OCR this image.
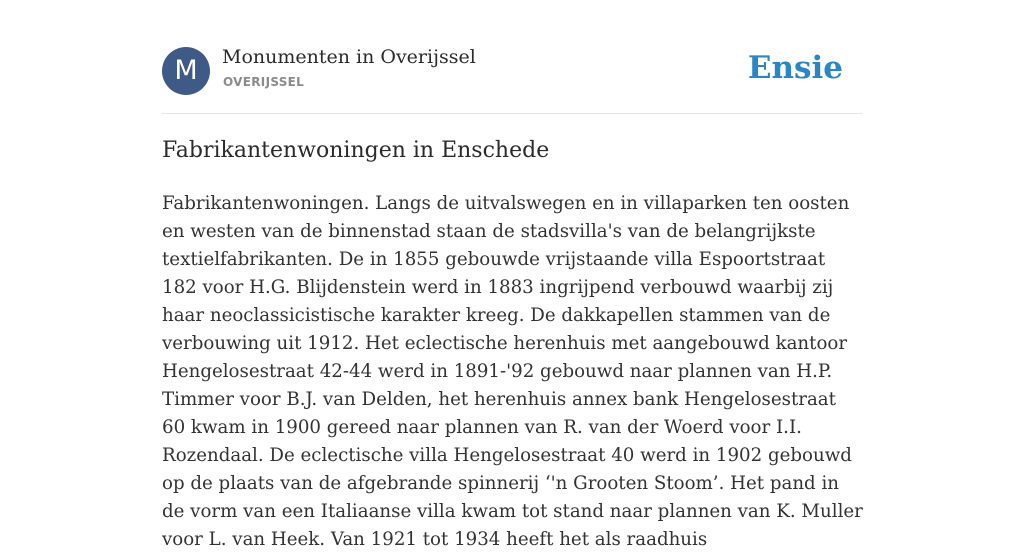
M	Monumenten in Overijssel
OVERIJSSEL	Ensie
Fabrikantenwoningen in Enschede

Fabrikantenwoningen. Langs de uitvalswegen en in villaparken ten oosten en westen van de binnenstad staan de stadsvilla's van de belangrijkste textielfabrikanten. De in 1855 gebouwde vrijstaande villa Espoortstraat 182 voor H.G. Blijdenstein werd in 1883 ingrijpend verbouwd waarbij zij haar neoclassicistische karakter kreeg. De dakkapellen stammen van de verbouwing uit 1912. Het eclectische herenhuis met aangebouwd kantoor Hengelosestraat 42-44 werd in 1891-'92 gebouwd naar plannen van H.P. Timmer voor B.J. van Delden, het herenhuis annex bank Hengelosestraat 60 kwam in 1900 gereed naar plannen van R. van der Woerd voor I.I. Rozendaal. De eclectische villa Hengelosestraat 40 werd in 1902 gebouwd op de plaats van de afgebrande spinnerij ‘'n Grooten Stoom’. Het pand in de vorm van een Italiaanse villa kwam tot stand naar plannen van K. Muller voor L. van Heek. Van 1921 tot 1934 heeft het als raadhuis
